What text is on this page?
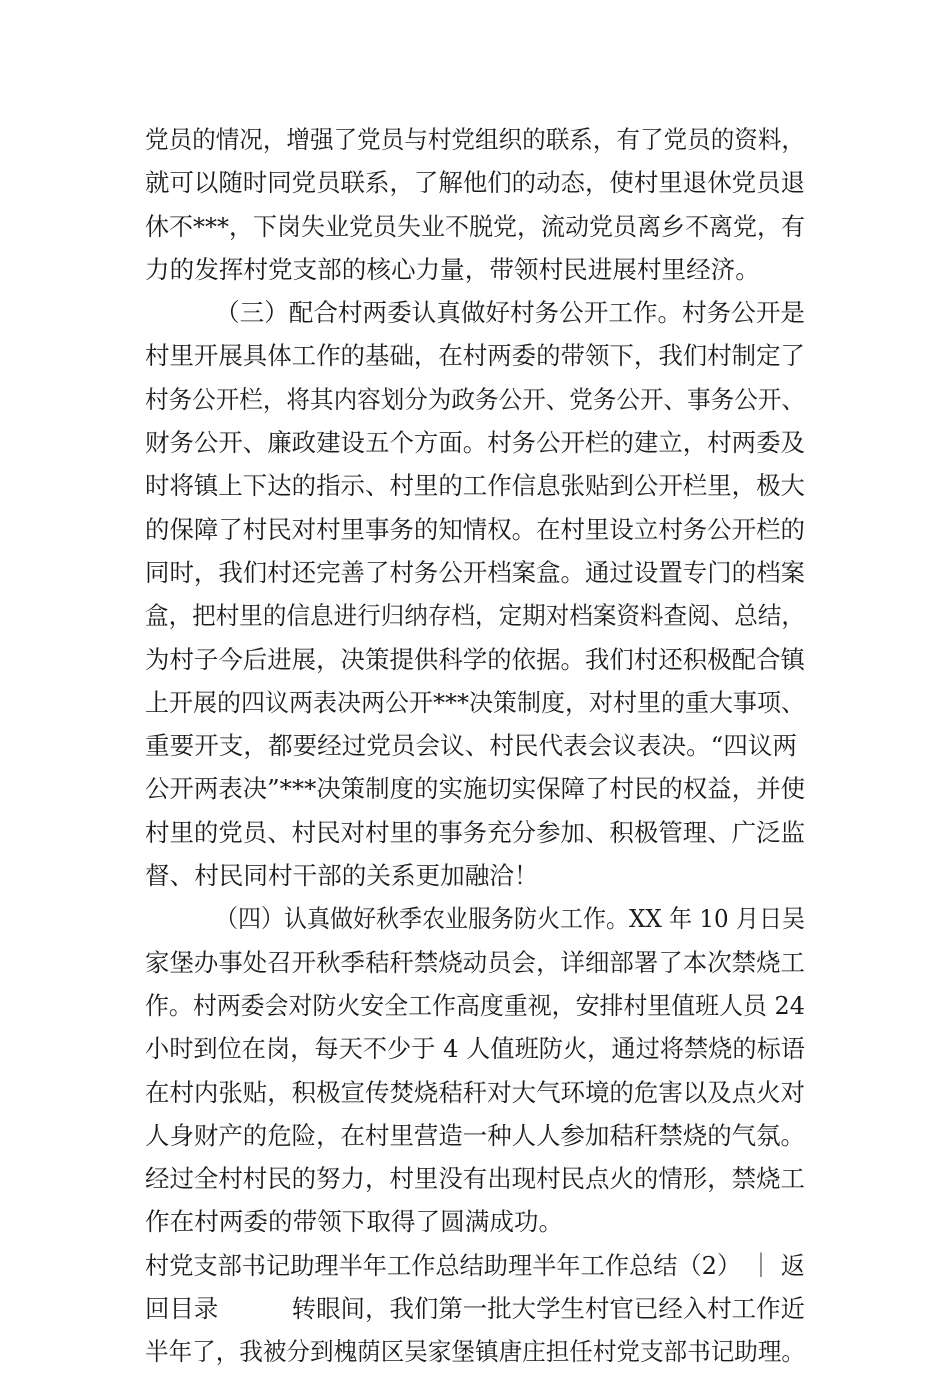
党员的情况，增强了党员与村党组织的联系，有了党员的资料，
就可以随时同党员联系，了解他们的动态，使村里退休党员退
休不***，下岗失业党员失业不脱党，流动党员离乡不离党，有
力的发挥村党支部的核心力量，带领村民进展村里经济。
（三）配合村两委认真做好村务公开工作。村务公开是
村里开展具体工作的基础，在村两委的带领下，我们村制定了
村务公开栏，将其内容划分为政务公开、党务公开、事务公开、
财务公开、廉政建设五个方面。村务公开栏的建立，村两委及
时将镇上下达的指示、村里的工作信息张贴到公开栏里，极大
的保障了村民对村里事务的知情权。在村里设立村务公开栏的
同时，我们村还完善了村务公开档案盒。通过设置专门的档案
盒，把村里的信息进行归纳存档，定期对档案资料查阅、总结，
为村子今后进展，决策提供科学的依据。我们村还积极配合镇
上开展的四议两表决两公开***决策制度，对村里的重大事项、
重要开支，都要经过党员会议、村民代表会议表决。“四议两
公开两表决”***决策制度的实施切实保障了村民的权益，并使
村里的党员、村民对村里的事务充分参加、积极管理、广泛监
督、村民同村干部的关系更加融洽！
（四）认真做好秋季农业服务防火工作。XX 年 10 月日吴
家堡办事处召开秋季秸秆禁烧动员会，详细部署了本次禁烧工
作。村两委会对防火安全工作高度重视，安排村里值班人员 24
小时到位在岗，每天不少于 4 人值班防火，通过将禁烧的标语
在村内张贴，积极宣传焚烧秸秆对大气环境的危害以及点火对
人身财产的危险，在村里营造一种人人参加秸秆禁烧的气氛。
经过全村村民的努力，村里没有出现村民点火的情形，禁烧工
作在村两委的带领下取得了圆满成功。
村党支部书记助理半年工作总结助理半年工作总结（2） ｜ 返
回目录　　　转眼间，我们第一批大学生村官已经入村工作近
半年了，我被分到槐荫区吴家堡镇唐庄担任村党支部书记助理。
